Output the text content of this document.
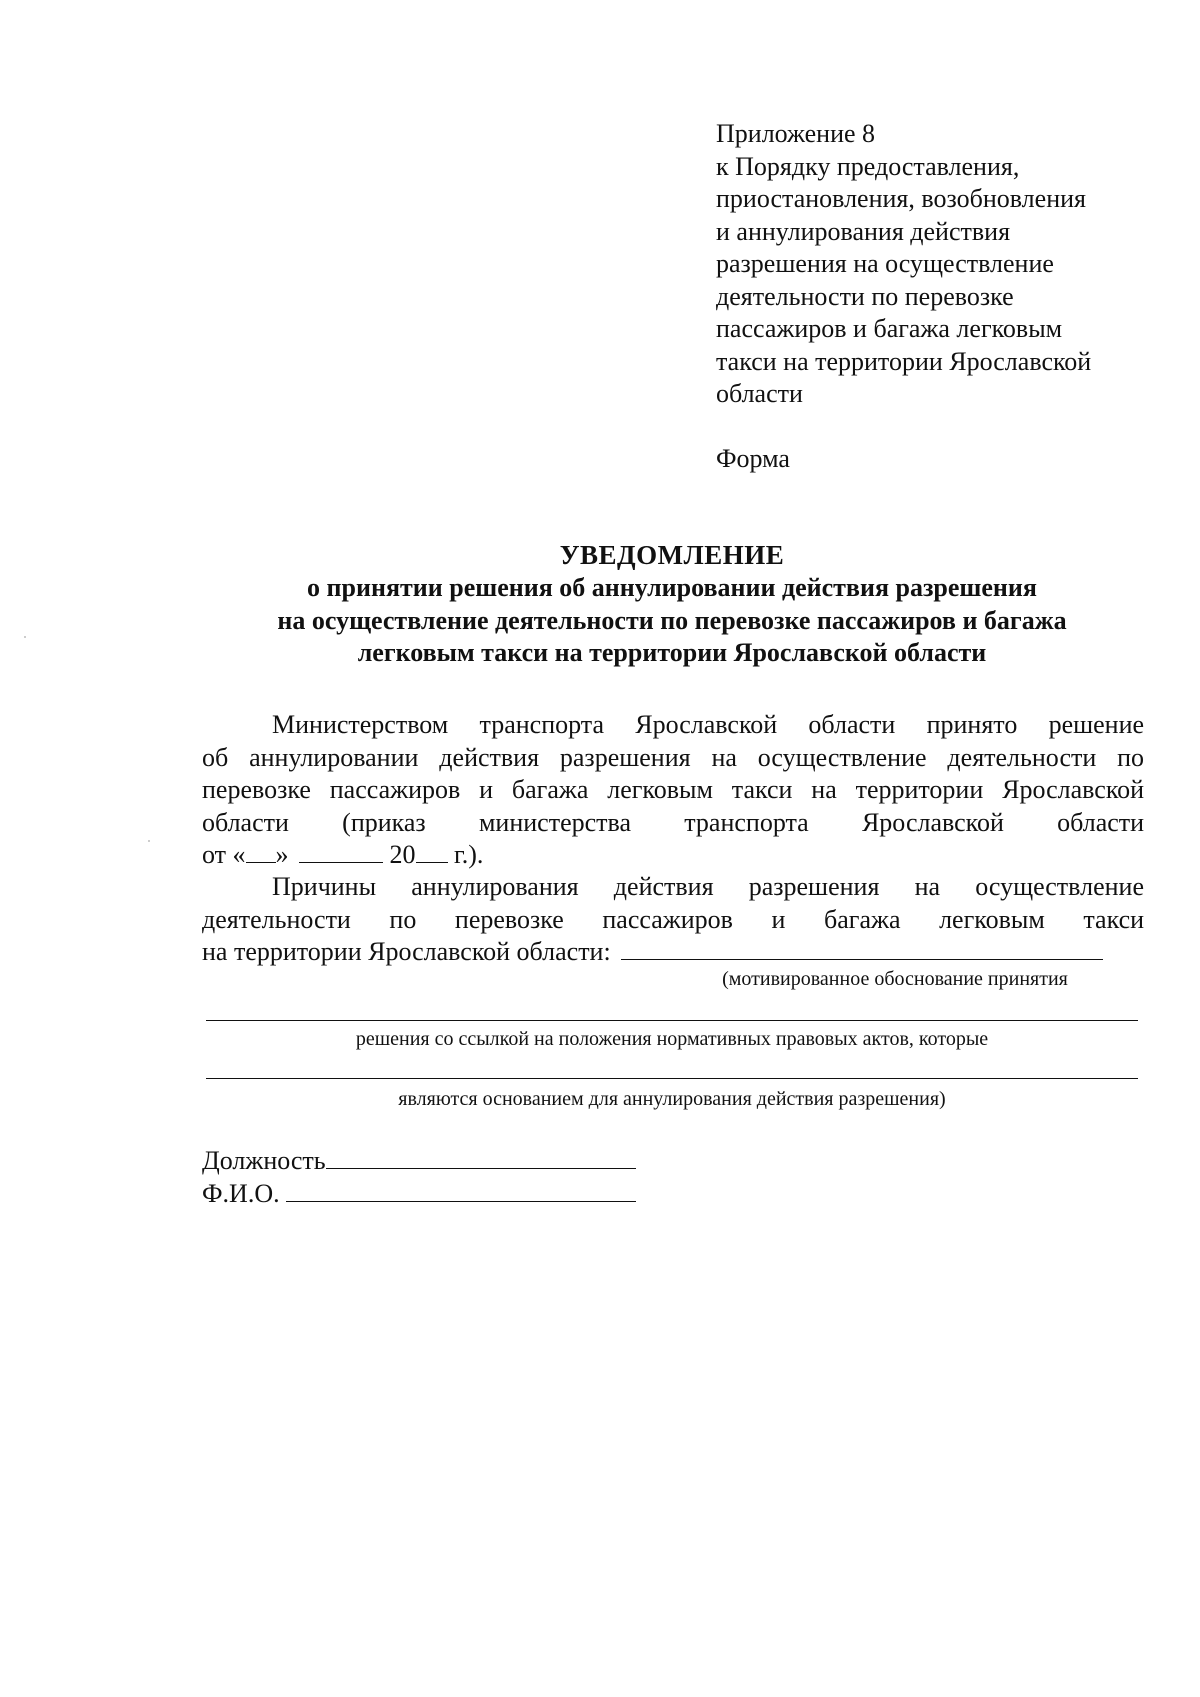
Приложение 8
к Порядку предоставления,
приостановления, возобновления
и аннулирования действия
разрешения на осуществление
деятельности по перевозке
пассажиров и багажа легковым
такси на территории Ярославской
области
Форма
УВЕДОМЛЕНИЕ
о принятии решения об аннулировании действия разрешения
на осуществление деятельности по перевозке пассажиров и багажа
легковым такси на территории Ярославской области
Министерством транспорта Ярославской области принято решение
об аннулировании действия разрешения на осуществление деятельности по
перевозке пассажиров и багажа легковым такси на территории Ярославской
области (приказ министерства транспорта Ярославской области
от « »	20 г.).
Причины аннулирования действия разрешения на осуществление
деятельности по перевозке пассажиров и багажа легковым такси
на территории Ярославской области:
(мотивированное обоснование принятия
решения со ссылкой на положения нормативных правовых актов, которые
являются основанием для аннулирования действия разрешения)
Должность
Ф.И.О.
